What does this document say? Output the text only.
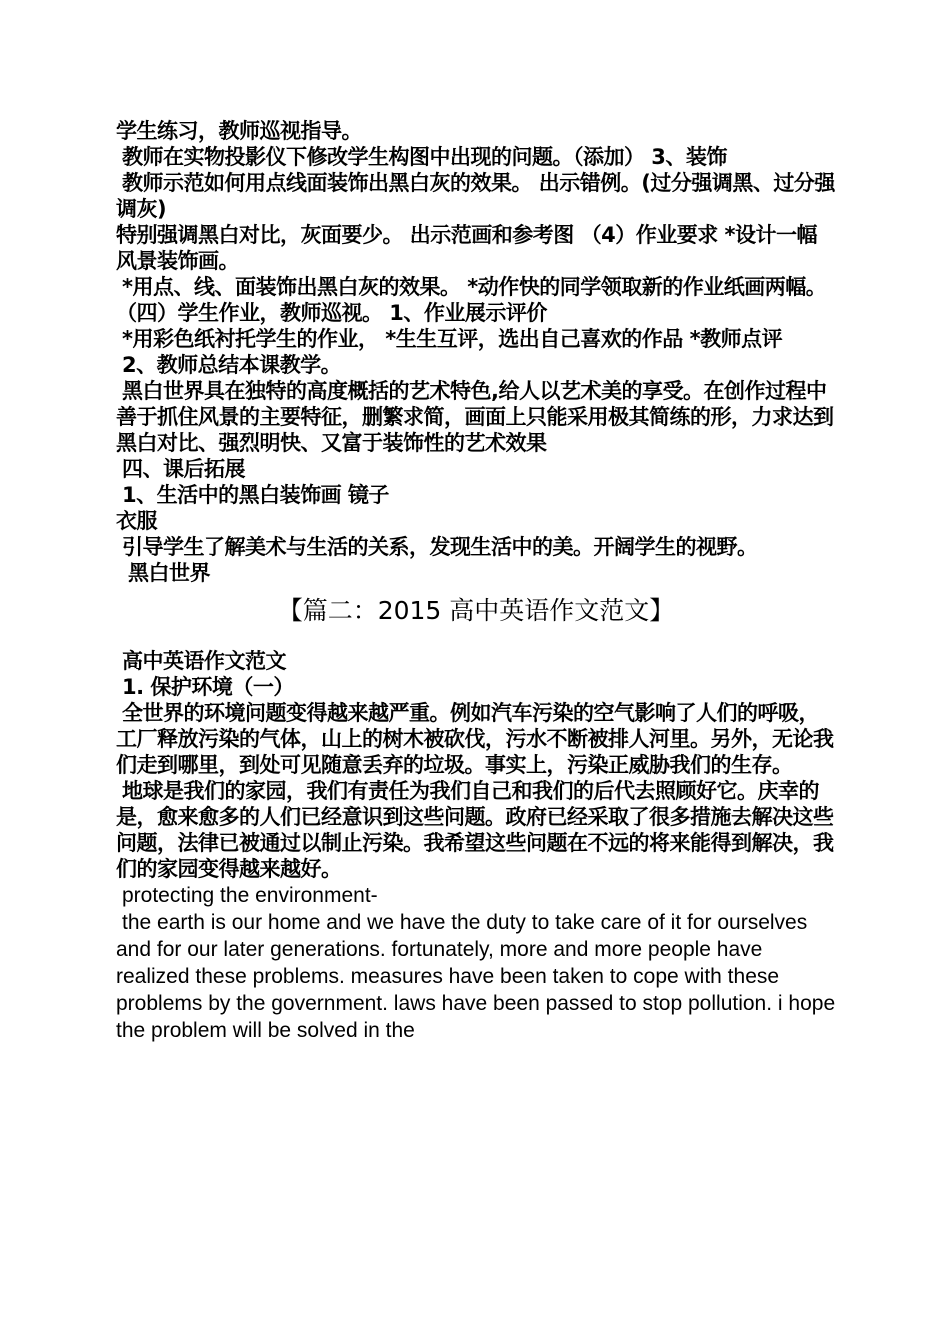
学生练习，教师巡视指导。

教师在实物投影仪下修改学生构图中出现的问题。（添加） 3、装饰

教师示范如何用点线面装饰出黑白灰的效果。 出示错例。(过分强调黑、过分强调灰)

特别强调黑白对比，灰面要少。 出示范画和参考图 （4）作业要求 *设计一幅风景装饰画。

*用点、线、面装饰出黑白灰的效果。 *动作快的同学领取新的作业纸画两幅。 （四）学生作业，教师巡视。 1、作业展示评价

*用彩色纸衬托学生的作业， *生生互评，选出自己喜欢的作品 *教师点评

2、教师总结本课教学。

黑白世界具在独特的高度概括的艺术特色,给人以艺术美的享受。在创作过程中善于抓住风景的主要特征，删繁求简，画面上只能采用极其简练的形，力求达到黑白对比、强烈明快、又富于装饰性的艺术效果

四、课后拓展

1、生活中的黑白装饰画 镜子

衣服

引导学生了解美术与生活的关系，发现生活中的美。开阔学生的视野。

黑白世界

【篇二：2015 高中英语作文范文】

高中英语作文范文

1. 保护环境（一）

全世界的环境问题变得越来越严重。例如汽车污染的空气影响了人们的呼吸，工厂释放污染的气体，山上的树木被砍伐，污水不断被排人河里。另外，无论我们走到哪里，到处可见随意丢弃的垃圾。事实上，污染正威胁我们的生存。

地球是我们的家园，我们有责任为我们自己和我们的后代去照顾好它。庆幸的是，愈来愈多的人们已经意识到这些问题。政府已经采取了很多措施去解决这些问题，法律已被通过以制止污染。我希望这些问题在不远的将来能得到解决，我们的家园变得越来越好。

protecting the environment-

the earth is our home and we have the duty to take care of it for ourselves and for our later generations. fortunately, more and more people have realized these problems. measures have been taken to cope with these problems by the government. laws have been passed to stop pollution. i hope the problem will be solved in the
